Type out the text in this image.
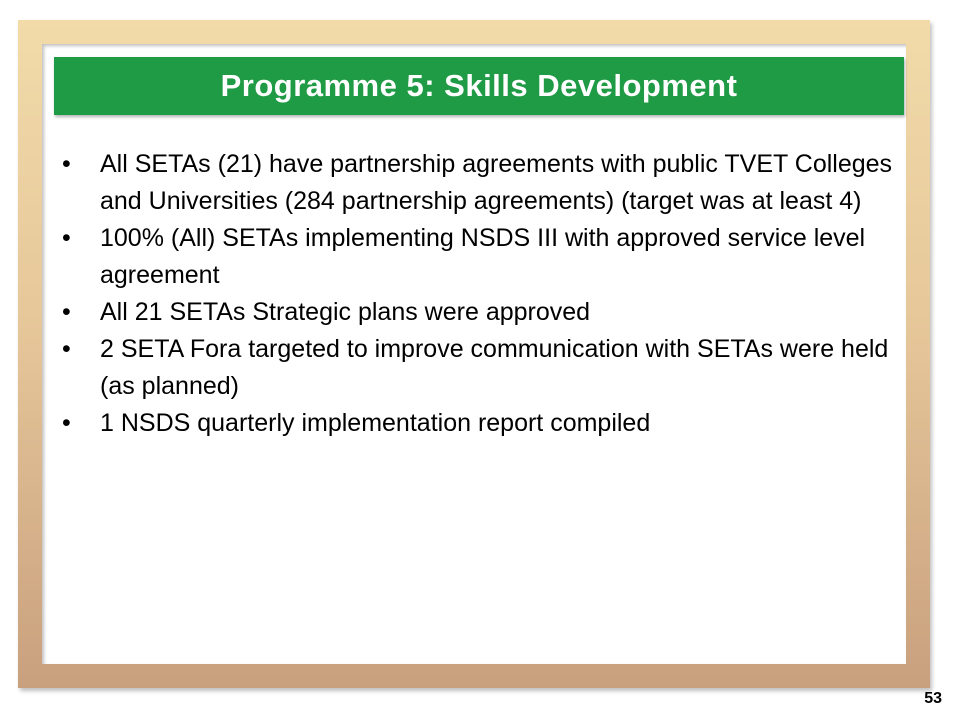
Programme 5: Skills Development
• All SETAs (21) have partnership agreements with public TVET Colleges and Universities (284 partnership agreements) (target was at least 4)
• 100% (All) SETAs implementing NSDS III with approved service level agreement
• All 21 SETAs Strategic plans were approved
• 2 SETA Fora targeted to improve communication with SETAs were held (as planned)
• 1 NSDS quarterly implementation report compiled
53
